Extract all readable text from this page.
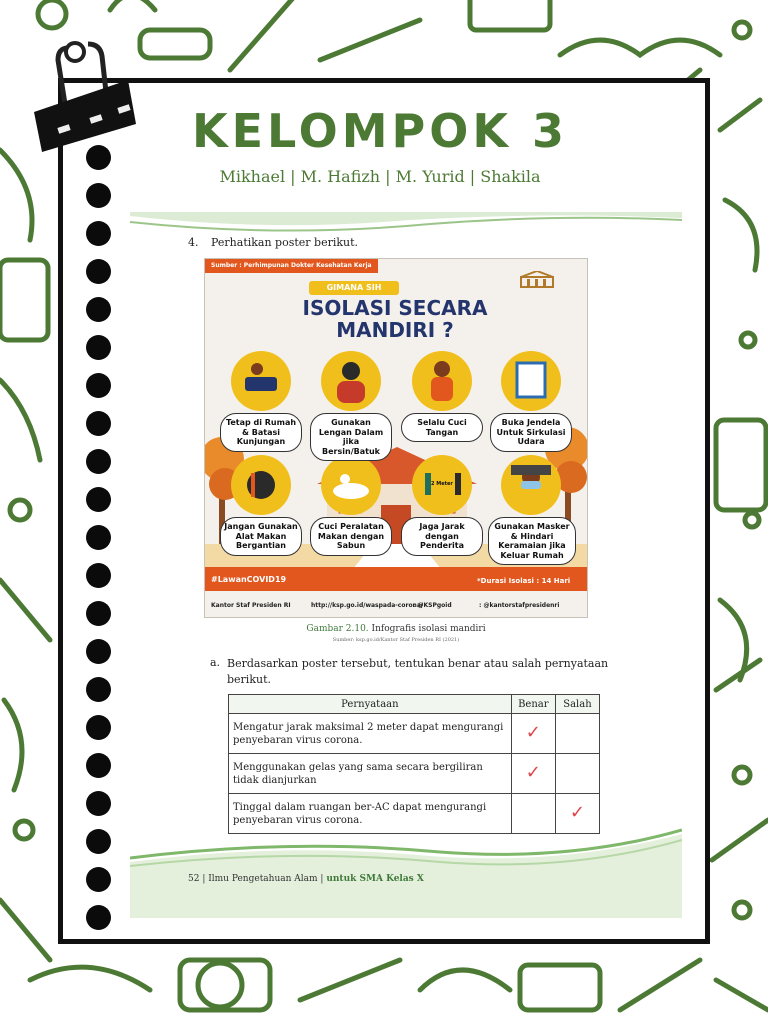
KELOMPOK 3
Mikhael | M. Hafizh | M. Yurid | Shakila
4. Perhatikan poster berikut.
Sumber : Perhimpunan Dokter Kesehatan Kerja
GIMANA SIH
ISOLASI SECARA
MANDIRI ?
Tetap di Rumah & Batasi Kunjungan
Gunakan Lengan Dalam jika Bersin/Batuk
Selalu Cuci Tangan
Buka Jendela Untuk Sirkulasi Udara
Jangan Gunakan Alat Makan Bergantian
Cuci Peralatan Makan dengan Sabun
Jaga Jarak dengan Penderita
Gunakan Masker & Hindari Keramaian jika Keluar Rumah
2 Meter
#LawanCOVID19	*Durasi Isolasi : 14 Hari
Kantor Staf Presiden RI	http://ksp.go.id/waspada-corona/
: @KSPgoid	: @kantorstafpresidenri
Gambar 2.10. Infografis isolasi mandiri
Sumber: ksp.go.id/Kantor Staf Presiden RI (2021)
a. Berdasarkan poster tersebut, tentukan benar atau salah pernyataan berikut.
Pernyataan	Benar	Salah
Mengatur jarak maksimal 2 meter dapat mengurangi penyebaran virus corona.	✓	
Menggunakan gelas yang sama secara bergiliran tidak dianjurkan	✓	
Tinggal dalam ruangan ber-AC dapat mengurangi penyebaran virus corona.		✓
52 | Ilmu Pengetahuan Alam | untuk SMA Kelas X
